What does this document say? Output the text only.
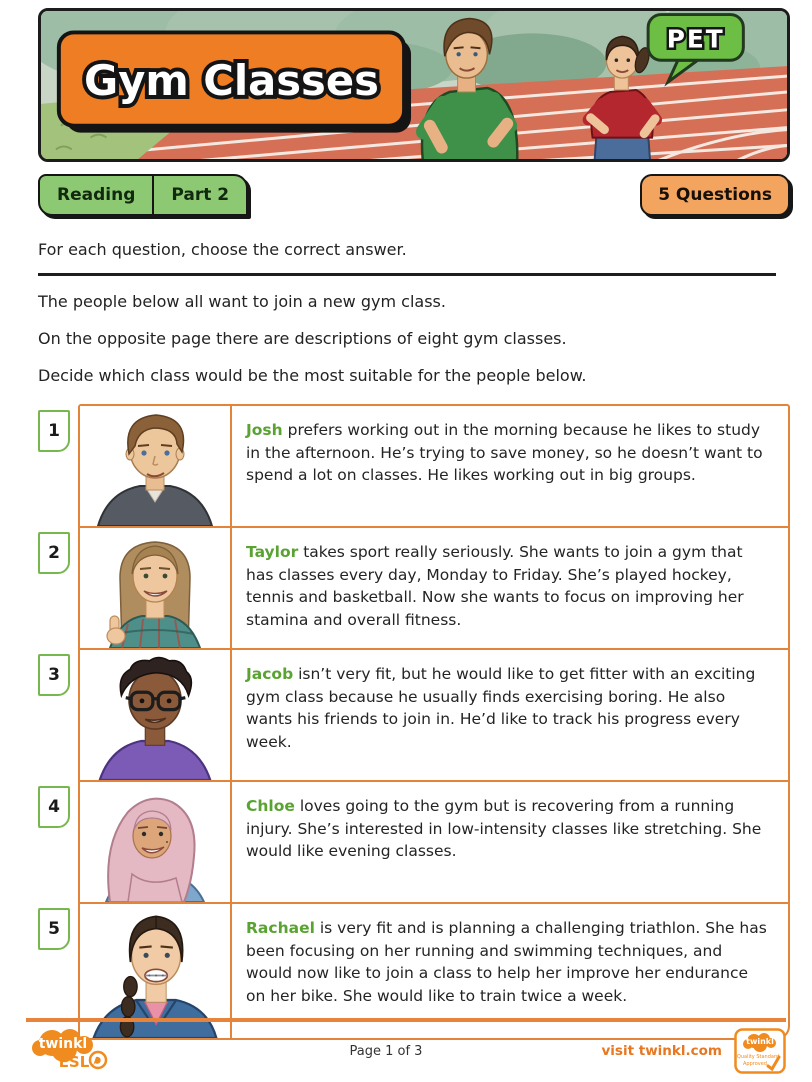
PET
Gym Classes
Reading	Part 2	5 Questions

For each question, choose the correct answer.

The people below all want to join a new gym class.

On the opposite page there are descriptions of eight gym classes.

Decide which class would be the most suitable for the people below.

1	Josh prefers working out in the morning because he likes to study in the afternoon. He’s trying to save money, so he doesn’t want to spend a lot on classes. He likes working out in big groups.
2	Taylor takes sport really seriously. She wants to join a gym that has classes every day, Monday to Friday. She’s played hockey, tennis and basketball. Now she wants to focus on improving her stamina and overall fitness.
3	Jacob isn’t very fit, but he would like to get fitter with an exciting gym class because he usually finds exercising boring. He also wants his friends to join in. He’d like to track his progress every week.
4	Chloe loves going to the gym but is recovering from a running injury. She’s interested in low-intensity classes like stretching. She would like evening classes.
5	Rachael is very fit and is planning a challenging triathlon. She has been focusing on her running and swimming techniques, and would now like to join a class to help her improve her endurance on her bike. She would like to train twice a week.
twinkl
ESL
Page 1 of 3	visit twinkl.com
twinkl
Quality Standard
Approved
